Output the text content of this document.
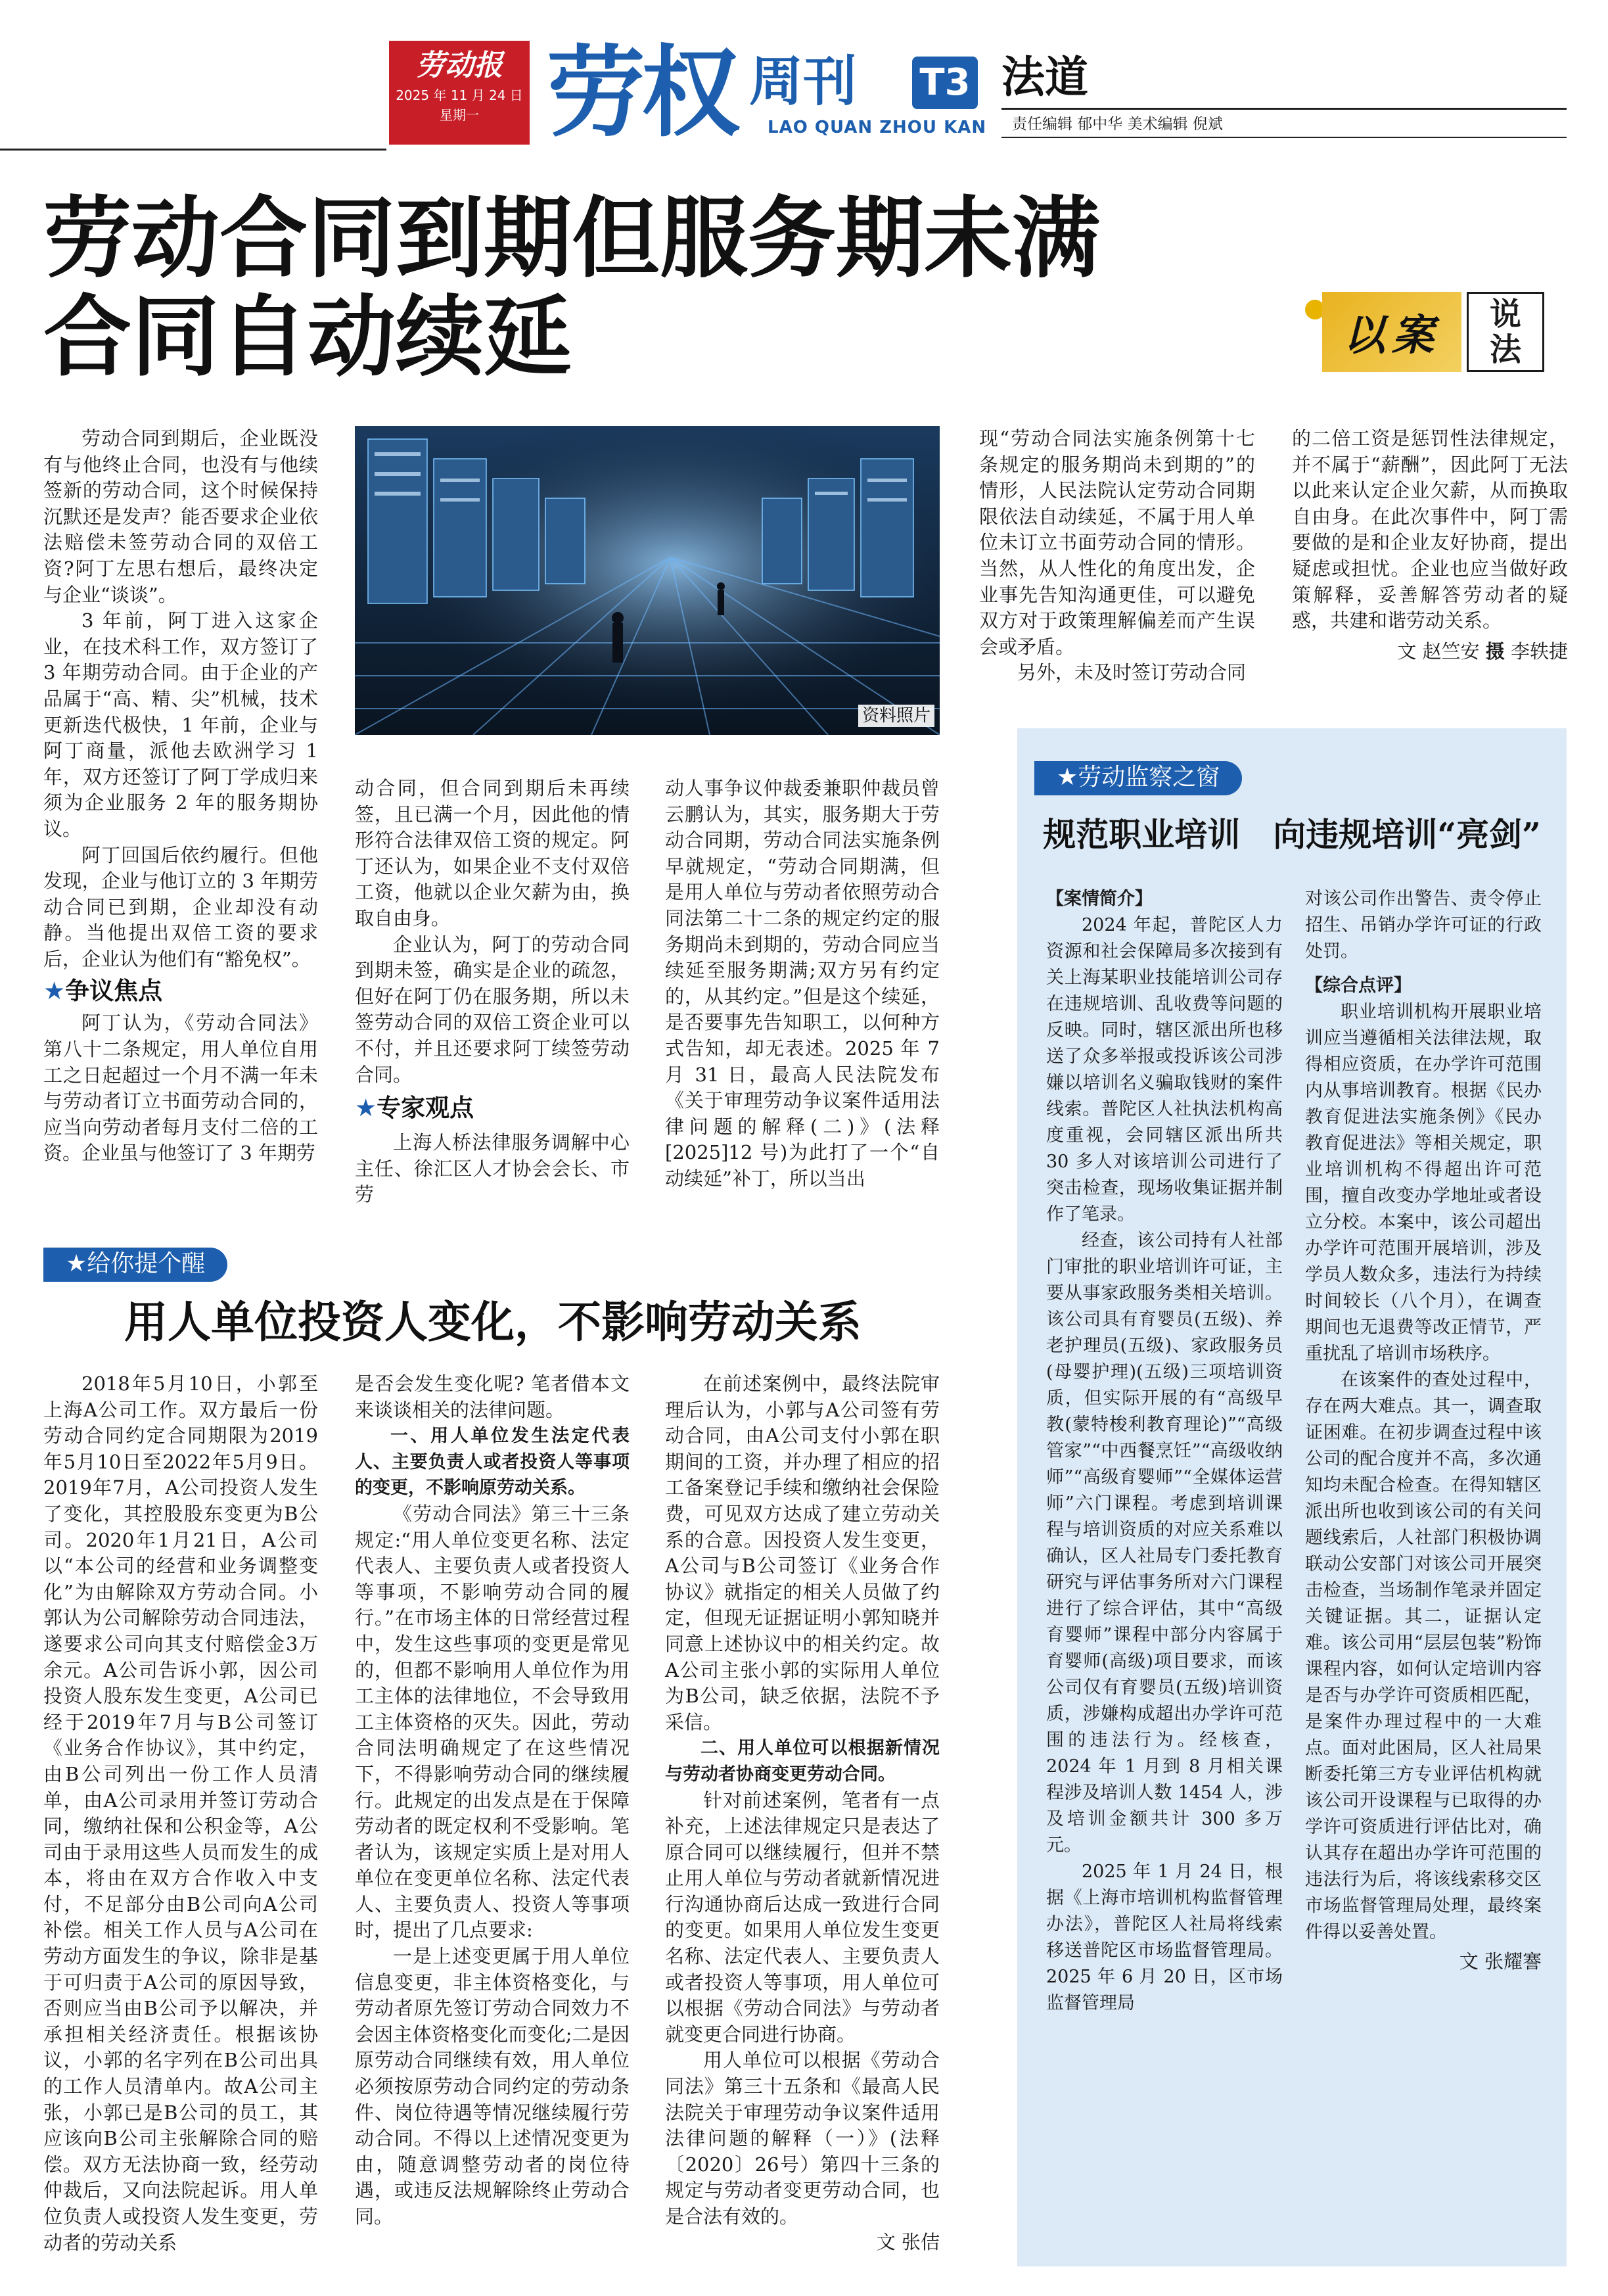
劳动报
2025 年 11 月 24 日
星期一 劳权 周刊 T3
LAO QUAN ZHOU KAN
法道
责任编辑 郁中华 美术编辑 倪斌
劳动合同到期但服务期未满
合同自动续延	以案 说法
资料照片

劳动合同到期后，企业既没有与他终止合同，也没有与他续签新的劳动合同，这个时候保持沉默还是发声？能否要求企业依法赔偿未签劳动合同的双倍工资?阿丁左思右想后，最终决定与企业“谈谈”。

3 年前，阿丁进入这家企业，在技术科工作，双方签订了 3 年期劳动合同。由于企业的产品属于“高、精、尖”机械，技术更新迭代极快，1 年前，企业与阿丁商量，派他去欧洲学习 1 年，双方还签订了阿丁学成归来须为企业服务 2 年的服务期协议。

阿丁回国后依约履行。但他发现，企业与他订立的 3 年期劳动合同已到期，企业却没有动静。当他提出双倍工资的要求后，企业认为他们有“豁免权”。

★争议焦点

阿丁认为，《劳动合同法》第八十二条规定，用人单位自用工之日起超过一个月不满一年未与劳动者订立书面劳动合同的，应当向劳动者每月支付二倍的工资。企业虽与他签订了 3 年期劳

动合同，但合同到期后未再续签，且已满一个月，因此他的情形符合法律双倍工资的规定。阿丁还认为，如果企业不支付双倍工资，他就以企业欠薪为由，换取自由身。

企业认为，阿丁的劳动合同到期未签，确实是企业的疏忽，但好在阿丁仍在服务期，所以未签劳动合同的双倍工资企业可以不付，并且还要求阿丁续签劳动合同。

★专家观点

上海人桥法律服务调解中心主任、徐汇区人才协会会长、市劳

动人事争议仲裁委兼职仲裁员曾云鹏认为，其实，服务期大于劳动合同期，劳动合同法实施条例早就规定，“劳动合同期满，但是用人单位与劳动者依照劳动合同法第二十二条的规定约定的服务期尚未到期的，劳动合同应当续延至服务期满;双方另有约定的，从其约定。”但是这个续延，是否要事先告知职工，以何种方式告知，却无表述。2025 年 7 月 31 日，最高人民法院发布《关于审理劳动争议案件适用法律问题的解释(二)》(法释[2025]12 号)为此打了一个“自动续延”补丁，所以当出

现“劳动合同法实施条例第十七条规定的服务期尚未到期的”的情形，人民法院认定劳动合同期限依法自动续延，不属于用人单位未订立书面劳动合同的情形。当然，从人性化的角度出发，企业事先告知沟通更佳，可以避免双方对于政策理解偏差而产生误会或矛盾。

另外，未及时签订劳动合同

的二倍工资是惩罚性法律规定，并不属于“薪酬”，因此阿丁无法以此来认定企业欠薪，从而换取自由身。在此次事件中，阿丁需要做的是和企业友好协商，提出疑虑或担忧。企业也应当做好政策解释，妥善解答劳动者的疑惑，共建和谐劳动关系。

文 赵竺安 摄 李轶捷
★给你提个醒
用人单位投资人变化，不影响劳动关系

2018年5月10日，小郭至上海A公司工作。双方最后一份劳动合同约定合同期限为2019年5月10日至2022年5月9日。2019年7月，A公司投资人发生了变化，其控股股东变更为B公司。2020年1月21日，A公司以“本公司的经营和业务调整变化”为由解除双方劳动合同。小郭认为公司解除劳动合同违法，遂要求公司向其支付赔偿金3万余元。A公司告诉小郭，因公司投资人股东发生变更，A公司已经于2019年7月与B公司签订《业务合作协议》，其中约定，由B公司列出一份工作人员清单，由A公司录用并签订劳动合同，缴纳社保和公积金等，A公司由于录用这些人员而发生的成本，将由在双方合作收入中支付，不足部分由B公司向A公司补偿。相关工作人员与A公司在劳动方面发生的争议，除非是基于可归责于A公司的原因导致，否则应当由B公司予以解决，并承担相关经济责任。根据该协议，小郭的名字列在B公司出具的工作人员清单内。故A公司主张，小郭已是B公司的员工，其应该向B公司主张解除合同的赔偿。双方无法协商一致，经劳动仲裁后，又向法院起诉。用人单位负责人或投资人发生变更，劳动者的劳动关系

是否会发生变化呢? 笔者借本文来谈谈相关的法律问题。

一、用人单位发生法定代表人、主要负责人或者投资人等事项的变更，不影响原劳动关系。

《劳动合同法》第三十三条规定:“用人单位变更名称、法定代表人、主要负责人或者投资人等事项，不影响劳动合同的履行。”在市场主体的日常经营过程中，发生这些事项的变更是常见的，但都不影响用人单位作为用工主体的法律地位，不会导致用工主体资格的灭失。因此，劳动合同法明确规定了在这些情况下，不得影响劳动合同的继续履行。此规定的出发点是在于保障劳动者的既定权利不受影响。笔者认为，该规定实质上是对用人单位在变更单位名称、法定代表人、主要负责人、投资人等事项时，提出了几点要求:

一是上述变更属于用人单位信息变更，非主体资格变化，与劳动者原先签订劳动合同效力不会因主体资格变化而变化;二是因原劳动合同继续有效，用人单位必须按原劳动合同约定的劳动条件、岗位待遇等情况继续履行劳动合同。不得以上述情况变更为由，随意调整劳动者的岗位待遇，或违反法规解除终止劳动合同。

在前述案例中，最终法院审理后认为，小郭与A公司签有劳动合同，由A公司支付小郭在职期间的工资，并办理了相应的招工备案登记手续和缴纳社会保险费，可见双方达成了建立劳动关系的合意。因投资人发生变更，A公司与B公司签订《业务合作协议》就指定的相关人员做了约定，但现无证据证明小郭知晓并同意上述协议中的相关约定。故A公司主张小郭的实际用人单位为B公司，缺乏依据，法院不予采信。

二、用人单位可以根据新情况与劳动者协商变更劳动合同。

针对前述案例，笔者有一点补充，上述法律规定只是表达了原合同可以继续履行，但并不禁止用人单位与劳动者就新情况进行沟通协商后达成一致进行合同的变更。如果用人单位发生变更名称、法定代表人、主要负责人或者投资人等事项，用人单位可以根据《劳动合同法》与劳动者就变更合同进行协商。

用人单位可以根据《劳动合同法》第三十五条和《最高人民法院关于审理劳动争议案件适用法律问题的解释（一）》(法释〔2020〕26号）第四十三条的规定与劳动者变更劳动合同，也是合法有效的。

文 张佶
★劳动监察之窗
规范职业培训　向违规培训“亮剑”
【案情简介】

2024 年起，普陀区人力资源和社会保障局多次接到有关上海某职业技能培训公司存在违规培训、乱收费等问题的反映。同时，辖区派出所也移送了众多举报或投诉该公司涉嫌以培训名义骗取钱财的案件线索。普陀区人社执法机构高度重视，会同辖区派出所共 30 多人对该培训公司进行了突击检查，现场收集证据并制作了笔录。

经查，该公司持有人社部门审批的职业培训许可证，主要从事家政服务类相关培训。该公司具有育婴员(五级)、养老护理员(五级)、家政服务员(母婴护理)(五级)三项培训资质，但实际开展的有“高级早教(蒙特梭利教育理论)”“高级管家”“中西餐烹饪”“高级收纳师”“高级育婴师”“全媒体运营师”六门课程。考虑到培训课程与培训资质的对应关系难以确认，区人社局专门委托教育研究与评估事务所对六门课程进行了综合评估，其中“高级育婴师”课程中部分内容属于育婴师(高级)项目要求，而该公司仅有育婴员(五级)培训资质，涉嫌构成超出办学许可范围的违法行为。经核查，2024 年 1 月到 8 月相关课程涉及培训人数 1454 人，涉及培训金额共计 300 多万元。

2025 年 1 月 24 日，根据《上海市培训机构监督管理办法》，普陀区人社局将线索移送普陀区市场监督管理局。2025 年 6 月 20 日，区市场监督管理局

对该公司作出警告、责令停止招生、吊销办学许可证的行政处罚。

【综合点评】

职业培训机构开展职业培训应当遵循相关法律法规，取得相应资质，在办学许可范围内从事培训教育。根据《民办教育促进法实施条例》《民办教育促进法》等相关规定，职业培训机构不得超出许可范围，擅自改变办学地址或者设立分校。本案中，该公司超出办学许可范围开展培训，涉及学员人数众多，违法行为持续时间较长（八个月），在调查期间也无退费等改正情节，严重扰乱了培训市场秩序。

在该案件的查处过程中，存在两大难点。其一，调查取证困难。在初步调查过程中该公司的配合度并不高，多次通知均未配合检查。在得知辖区派出所也收到该公司的有关问题线索后，人社部门积极协调联动公安部门对该公司开展突击检查，当场制作笔录并固定关键证据。其二，证据认定难。该公司用“层层包装”粉饰课程内容，如何认定培训内容是否与办学许可资质相匹配，是案件办理过程中的一大难点。面对此困局，区人社局果断委托第三方专业评估机构就该公司开设课程与已取得的办学许可资质进行评估比对，确认其存在超出办学许可范围的违法行为后，将该线索移交区市场监督管理局处理，最终案件得以妥善处置。

文 张耀謇
